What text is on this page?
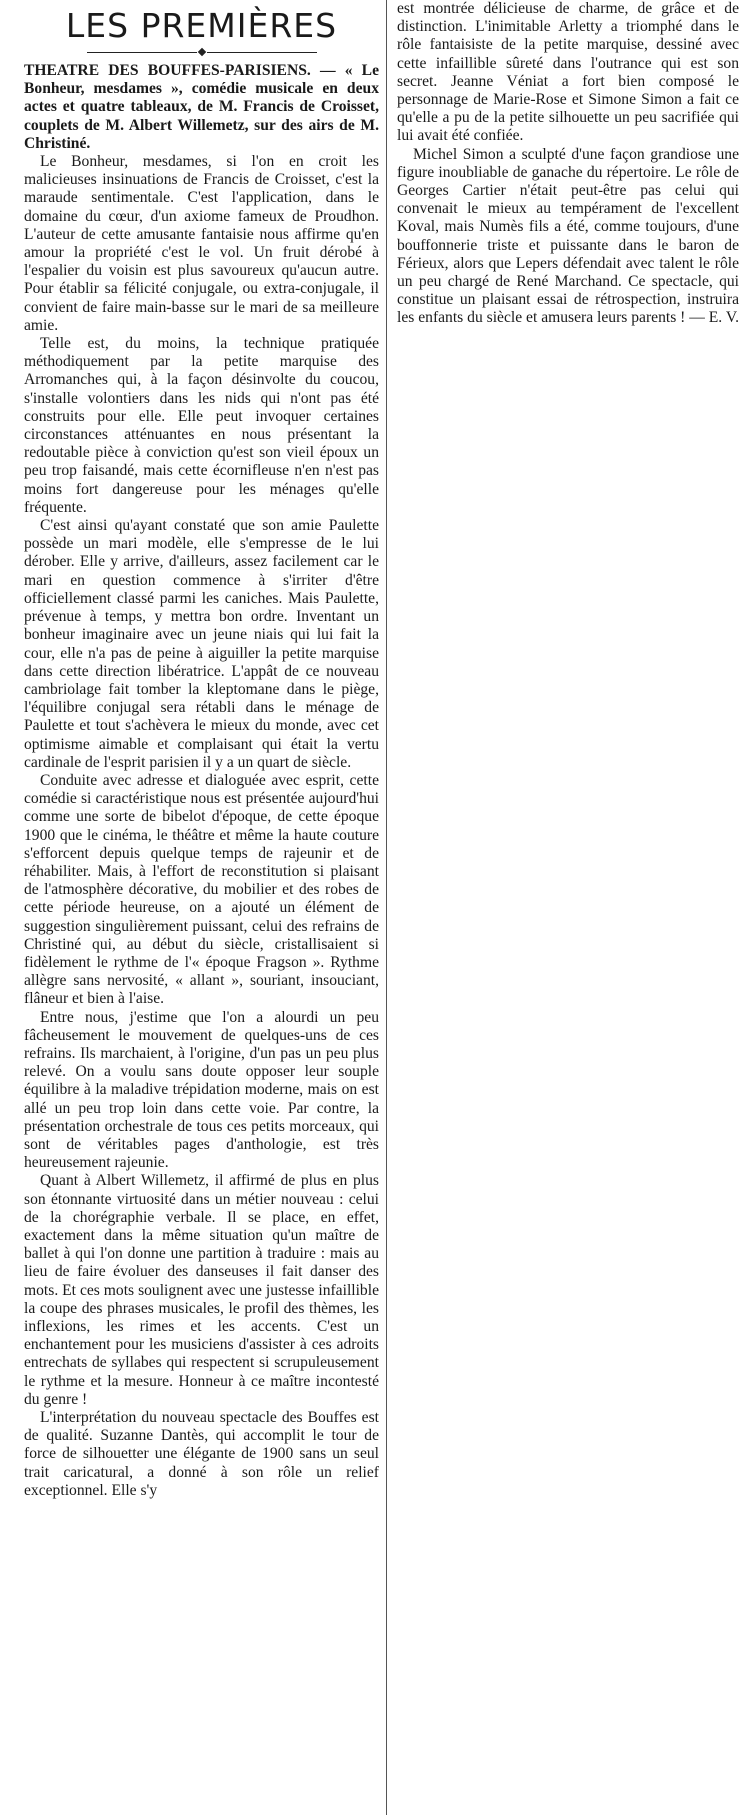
LES PREMIÈRES

THEATRE DES BOUFFES-PARISIENS. — « Le Bonheur, mesdames », comédie musicale en deux actes et quatre tableaux, de M. Francis de Croisset, couplets de M. Albert Willemetz, sur des airs de M. Christiné.

Le Bonheur, mesdames, si l'on en croit les malicieuses insinuations de Francis de Croisset, c'est la maraude sentimentale. C'est l'application, dans le domaine du cœur, d'un axiome fameux de Proudhon. L'auteur de cette amusante fantaisie nous affirme qu'en amour la propriété c'est le vol. Un fruit dérobé à l'espalier du voisin est plus savoureux qu'aucun autre. Pour établir sa félicité conjugale, ou extra-conjugale, il convient de faire main-basse sur le mari de sa meilleure amie.

Telle est, du moins, la technique pratiquée méthodiquement par la petite marquise des Arromanches qui, à la façon désinvolte du coucou, s'installe volontiers dans les nids qui n'ont pas été construits pour elle. Elle peut invoquer certaines circonstances atténuantes en nous présentant la redoutable pièce à conviction qu'est son vieil époux un peu trop faisandé, mais cette écornifleuse n'en n'est pas moins fort dangereuse pour les ménages qu'elle fréquente.

C'est ainsi qu'ayant constaté que son amie Paulette possède un mari modèle, elle s'empresse de le lui dérober. Elle y arrive, d'ailleurs, assez facilement car le mari en question commence à s'irriter d'être officiellement classé parmi les caniches. Mais Paulette, prévenue à temps, y mettra bon ordre. Inventant un bonheur imaginaire avec un jeune niais qui lui fait la cour, elle n'a pas de peine à aiguiller la petite marquise dans cette direction libératrice. L'appât de ce nouveau cambriolage fait tomber la kleptomane dans le piège, l'équilibre conjugal sera rétabli dans le ménage de Paulette et tout s'achèvera le mieux du monde, avec cet optimisme aimable et complaisant qui était la vertu cardinale de l'esprit parisien il y a un quart de siècle.

Conduite avec adresse et dialoguée avec esprit, cette comédie si caractéristique nous est présentée aujourd'hui comme une sorte de bibelot d'époque, de cette époque 1900 que le cinéma, le théâtre et même la haute couture s'efforcent depuis quelque temps de rajeunir et de réhabiliter. Mais, à l'effort de reconstitution si plaisant de l'atmosphère décorative, du mobilier et des robes de cette période heureuse, on a ajouté un élément de suggestion singulièrement puissant, celui des refrains de Christiné qui, au début du siècle, cristallisaient si fidèlement le rythme de l'« époque Fragson ». Rythme allègre sans nervosité, « allant », souriant, insouciant, flâneur et bien à l'aise.

Entre nous, j'estime que l'on a alourdi un peu fâcheusement le mouvement de quelques-uns de ces refrains. Ils marchaient, à l'origine, d'un pas un peu plus relevé. On a voulu sans doute opposer leur souple équilibre à la maladive trépidation moderne, mais on est allé un peu trop loin dans cette voie. Par contre, la présentation orchestrale de tous ces petits morceaux, qui sont de véritables pages d'anthologie, est très heureusement rajeunie.

Quant à Albert Willemetz, il affirmé de plus en plus son étonnante virtuosité dans un métier nouveau : celui de la chorégraphie verbale. Il se place, en effet, exactement dans la même situation qu'un maître de ballet à qui l'on donne une partition à traduire : mais au lieu de faire évoluer des danseuses il fait danser des mots. Et ces mots soulignent avec une justesse infaillible la coupe des phrases musicales, le profil des thèmes, les inflexions, les rimes et les accents. C'est un enchantement pour les musiciens d'assister à ces adroits entrechats de syllabes qui respectent si scrupuleusement le rythme et la mesure. Honneur à ce maître incontesté du genre !

L'interprétation du nouveau spectacle des Bouffes est de qualité. Suzanne Dantès, qui accomplit le tour de force de silhouetter une élégante de 1900 sans un seul trait caricatural, a donné à son rôle un relief exceptionnel. Elle s'y

est montrée délicieuse de charme, de grâce et de distinction. L'inimitable Arletty a triomphé dans le rôle fantaisiste de la petite marquise, dessiné avec cette infaillible sûreté dans l'outrance qui est son secret. Jeanne Véniat a fort bien composé le personnage de Marie-Rose et Simone Simon a fait ce qu'elle a pu de la petite silhouette un peu sacrifiée qui lui avait été confiée.

Michel Simon a sculpté d'une façon grandiose une figure inoubliable de ganache du répertoire. Le rôle de Georges Cartier n'était peut-être pas celui qui convenait le mieux au tempérament de l'excellent Koval, mais Numès fils a été, comme toujours, d'une bouffonnerie triste et puissante dans le baron de Férieux, alors que Lepers défendait avec talent le rôle un peu chargé de René Marchand. Ce spectacle, qui constitue un plaisant essai de rétrospection, instruira les enfants du siècle et amusera leurs parents ! — E. V.
